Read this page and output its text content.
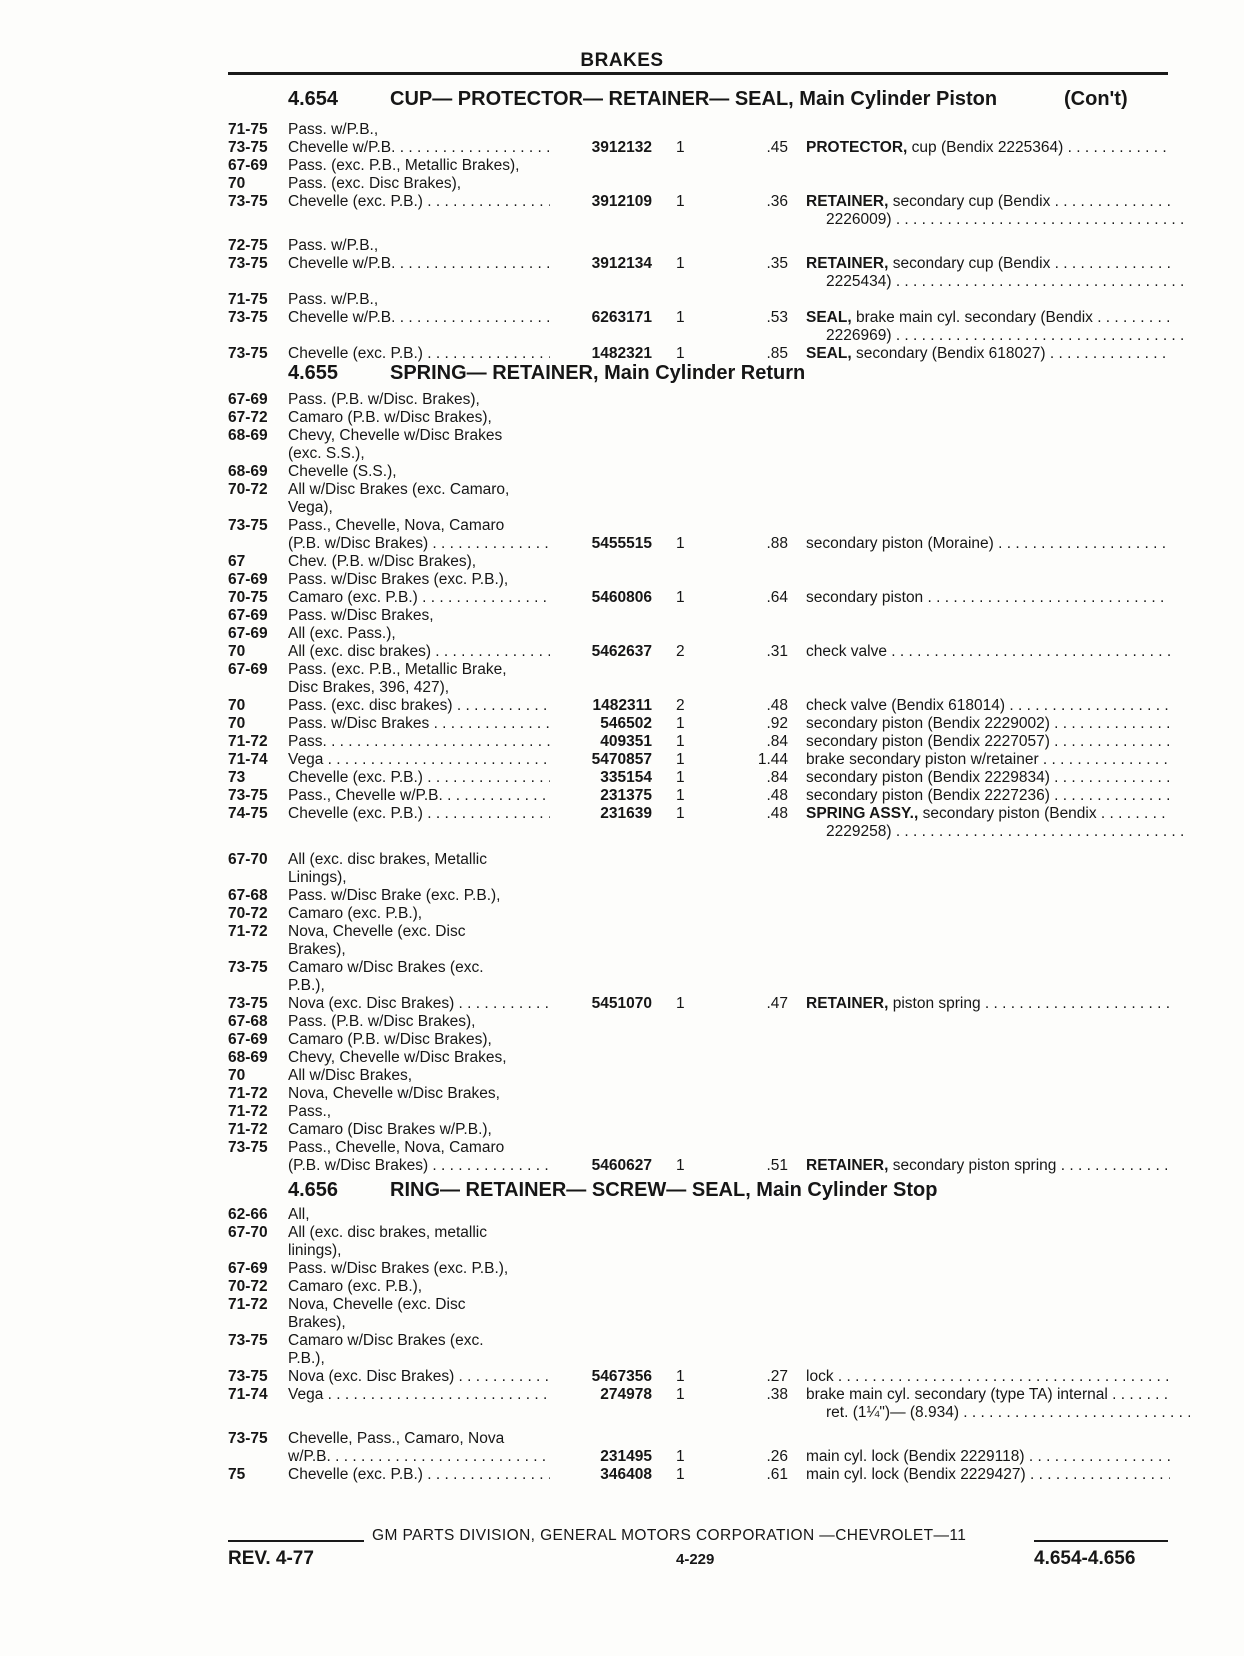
BRAKES
4.654	CUP— PROTECTOR— RETAINER— SEAL, Main Cylinder Piston	(Con't)
4.655	SPRING— RETAINER, Main Cylinder Return
4.656	RING— RETAINER— SCREW— SEAL, Main Cylinder Stop
71-75 Pass. w/P.B.,
73-75 Chevelle w/P.B. . . .	3912132 1	.45 PROTECTOR, cup (Bendix 2225364) . . .
67-69 Pass. (exc. P.B., Metallic Brakes),
70	Pass. (exc. Disc Brakes),
73-75 Chevelle (exc. P.B.) . . .	3912109 1	.36 RETAINER, secondary cup (Bendix . . .
2226009) . . .
72-75 Pass. w/P.B.,
73-75 Chevelle w/P.B. . . .	3912134 1	.35 RETAINER, secondary cup (Bendix . . .
2225434) . . .
71-75 Pass. w/P.B.,
73-75 Chevelle w/P.B. . . .	6263171 1	.53 SEAL, brake main cyl. secondary (Bendix . . .
2226969) . . .
73-75 Chevelle (exc. P.B.) . . .	1482321 1	.85 SEAL, secondary (Bendix 618027) . . .
67-69 Pass. (P.B. w/Disc. Brakes),
67-72 Camaro (P.B. w/Disc Brakes),
68-69 Chevy, Chevelle w/Disc Brakes
(exc. S.S.),
68-69 Chevelle (S.S.),
70-72 All w/Disc Brakes (exc. Camaro,
Vega),
73-75 Pass., Chevelle, Nova, Camaro
(P.B. w/Disc Brakes) . . .	5455515 1	.88 secondary piston (Moraine) . . .
67	Chev. (P.B. w/Disc Brakes),
67-69 Pass. w/Disc Brakes (exc. P.B.),
70-75 Camaro (exc. P.B.) . . .	5460806 1	.64 secondary piston . . .
67-69 Pass. w/Disc Brakes,
67-69 All (exc. Pass.),
70	All (exc. disc brakes) . . .	5462637 2	.31 check valve . . .
67-69 Pass. (exc. P.B., Metallic Brake,
Disc Brakes, 396, 427),
70	Pass. (exc. disc brakes) . . .	1482311 2	.48 check valve (Bendix 618014) . . .
70	Pass. w/Disc Brakes . . .	546502 1	.92 secondary piston (Bendix 2229002) . . .
71-72 Pass. . . .	409351 1	.84 secondary piston (Bendix 2227057) . . .
71-74 Vega . . .	5470857 1	1.44 brake secondary piston w/retainer . . .
73	Chevelle (exc. P.B.) . . .	335154 1	.84 secondary piston (Bendix 2229834) . . .
73-75 Pass., Chevelle w/P.B. . . .	231375 1	.48 secondary piston (Bendix 2227236) . . .
74-75 Chevelle (exc. P.B.) . . .	231639 1	.48 SPRING ASSY., secondary piston (Bendix . . .
2229258) . . .
67-70 All (exc. disc brakes, Metallic
Linings),
67-68 Pass. w/Disc Brake (exc. P.B.),
70-72 Camaro (exc. P.B.),
71-72 Nova, Chevelle (exc. Disc
Brakes),
73-75 Camaro w/Disc Brakes (exc.
P.B.),
73-75 Nova (exc. Disc Brakes) . . .	5451070 1	.47 RETAINER, piston spring . . .
67-68 Pass. (P.B. w/Disc Brakes),
67-69 Camaro (P.B. w/Disc Brakes),
68-69 Chevy, Chevelle w/Disc Brakes,
70	All w/Disc Brakes,
71-72 Nova, Chevelle w/Disc Brakes,
71-72 Pass.,
71-72 Camaro (Disc Brakes w/P.B.),
73-75 Pass., Chevelle, Nova, Camaro
(P.B. w/Disc Brakes) . . .	5460627 1	.51 RETAINER, secondary piston spring . . .
62-66 All,
67-70 All (exc. disc brakes, metallic
linings),
67-69 Pass. w/Disc Brakes (exc. P.B.),
70-72 Camaro (exc. P.B.),
71-72 Nova, Chevelle (exc. Disc
Brakes),
73-75 Camaro w/Disc Brakes (exc.
P.B.),
73-75 Nova (exc. Disc Brakes) . . .	5467356 1	.27 lock . . .
71-74 Vega . . .	274978 1	.38 brake main cyl. secondary (type TA) internal . . .
ret. (1¼")— (8.934) . . .
73-75 Chevelle, Pass., Camaro, Nova
w/P.B. . . .	231495 1	.26 main cyl. lock (Bendix 2229118) . . .
75	Chevelle (exc. P.B.) . . .	346408 1	.61 main cyl. lock (Bendix 2229427) . . .
GM PARTS DIVISION, GENERAL MOTORS CORPORATION —CHEVROLET—11
REV. 4-77	4-229	4.654-4.656
